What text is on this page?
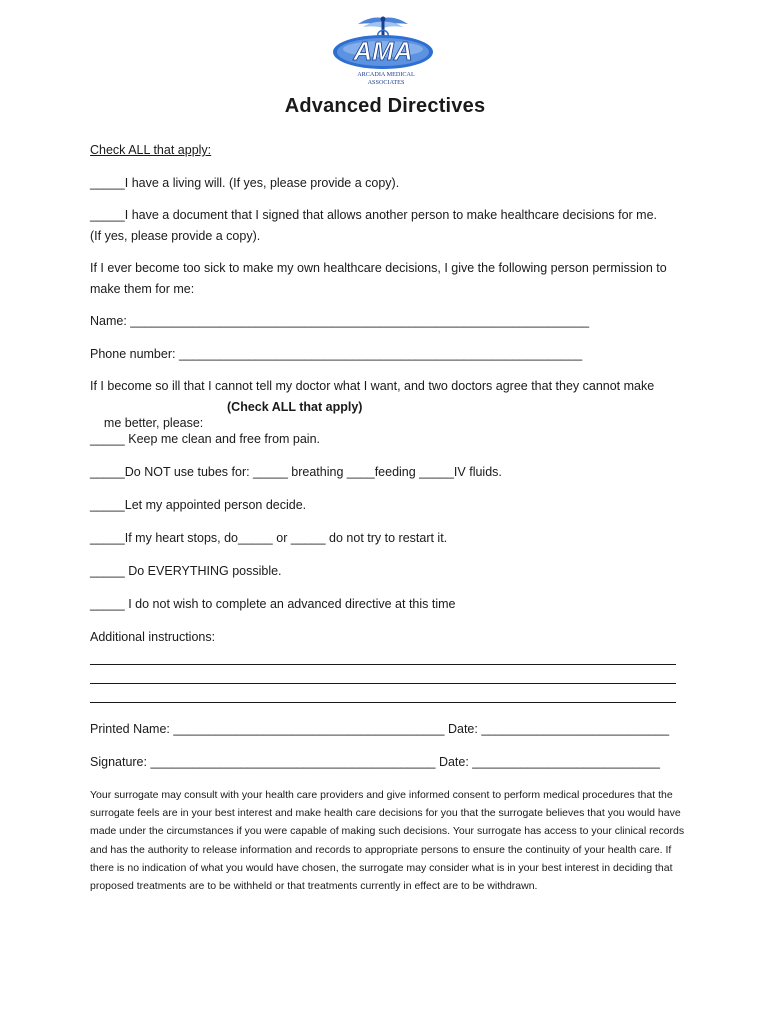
AMA
ARCADIA MEDICAL
ASSOCIATES
Advanced Directives
Check ALL that apply:
_____I have a living will. (If yes, please provide a copy).
_____I have a document that I signed that allows another person to make healthcare decisions for me.
(If yes, please provide a copy).
If I ever become too sick to make my own healthcare decisions, I give the following person permission to
make them for me:
Name: __________________________________________________________________
Phone number: __________________________________________________________
If I become so ill that I cannot tell my doctor what I want, and two doctors agree that they cannot make

me better, please:

(Check ALL that apply)

_____ Keep me clean and free from pain.
_____Do NOT use tubes for: _____ breathing ____feeding _____IV fluids.
_____Let my appointed person decide.
_____If my heart stops, do_____ or _____ do not try to restart it.
_____ Do EVERYTHING possible.
_____ I do not wish to complete an advanced directive at this time
Additional instructions:
Printed Name: _______________________________________ Date: ___________________________
Signature: _________________________________________ Date: ___________________________
Your surrogate may consult with your health care providers and give informed consent to perform medical procedures that the surrogate feels are in your best interest and make health care decisions for you that the surrogate believes that you would have made under the circumstances if you were capable of making such decisions. Your surrogate has access to your clinical records and has the authority to release information and records to appropriate persons to ensure the continuity of your health care. If there is no indication of what you would have chosen, the surrogate may consider what is in your best interest in deciding that proposed treatments are to be withheld or that treatments currently in effect are to be withdrawn.
